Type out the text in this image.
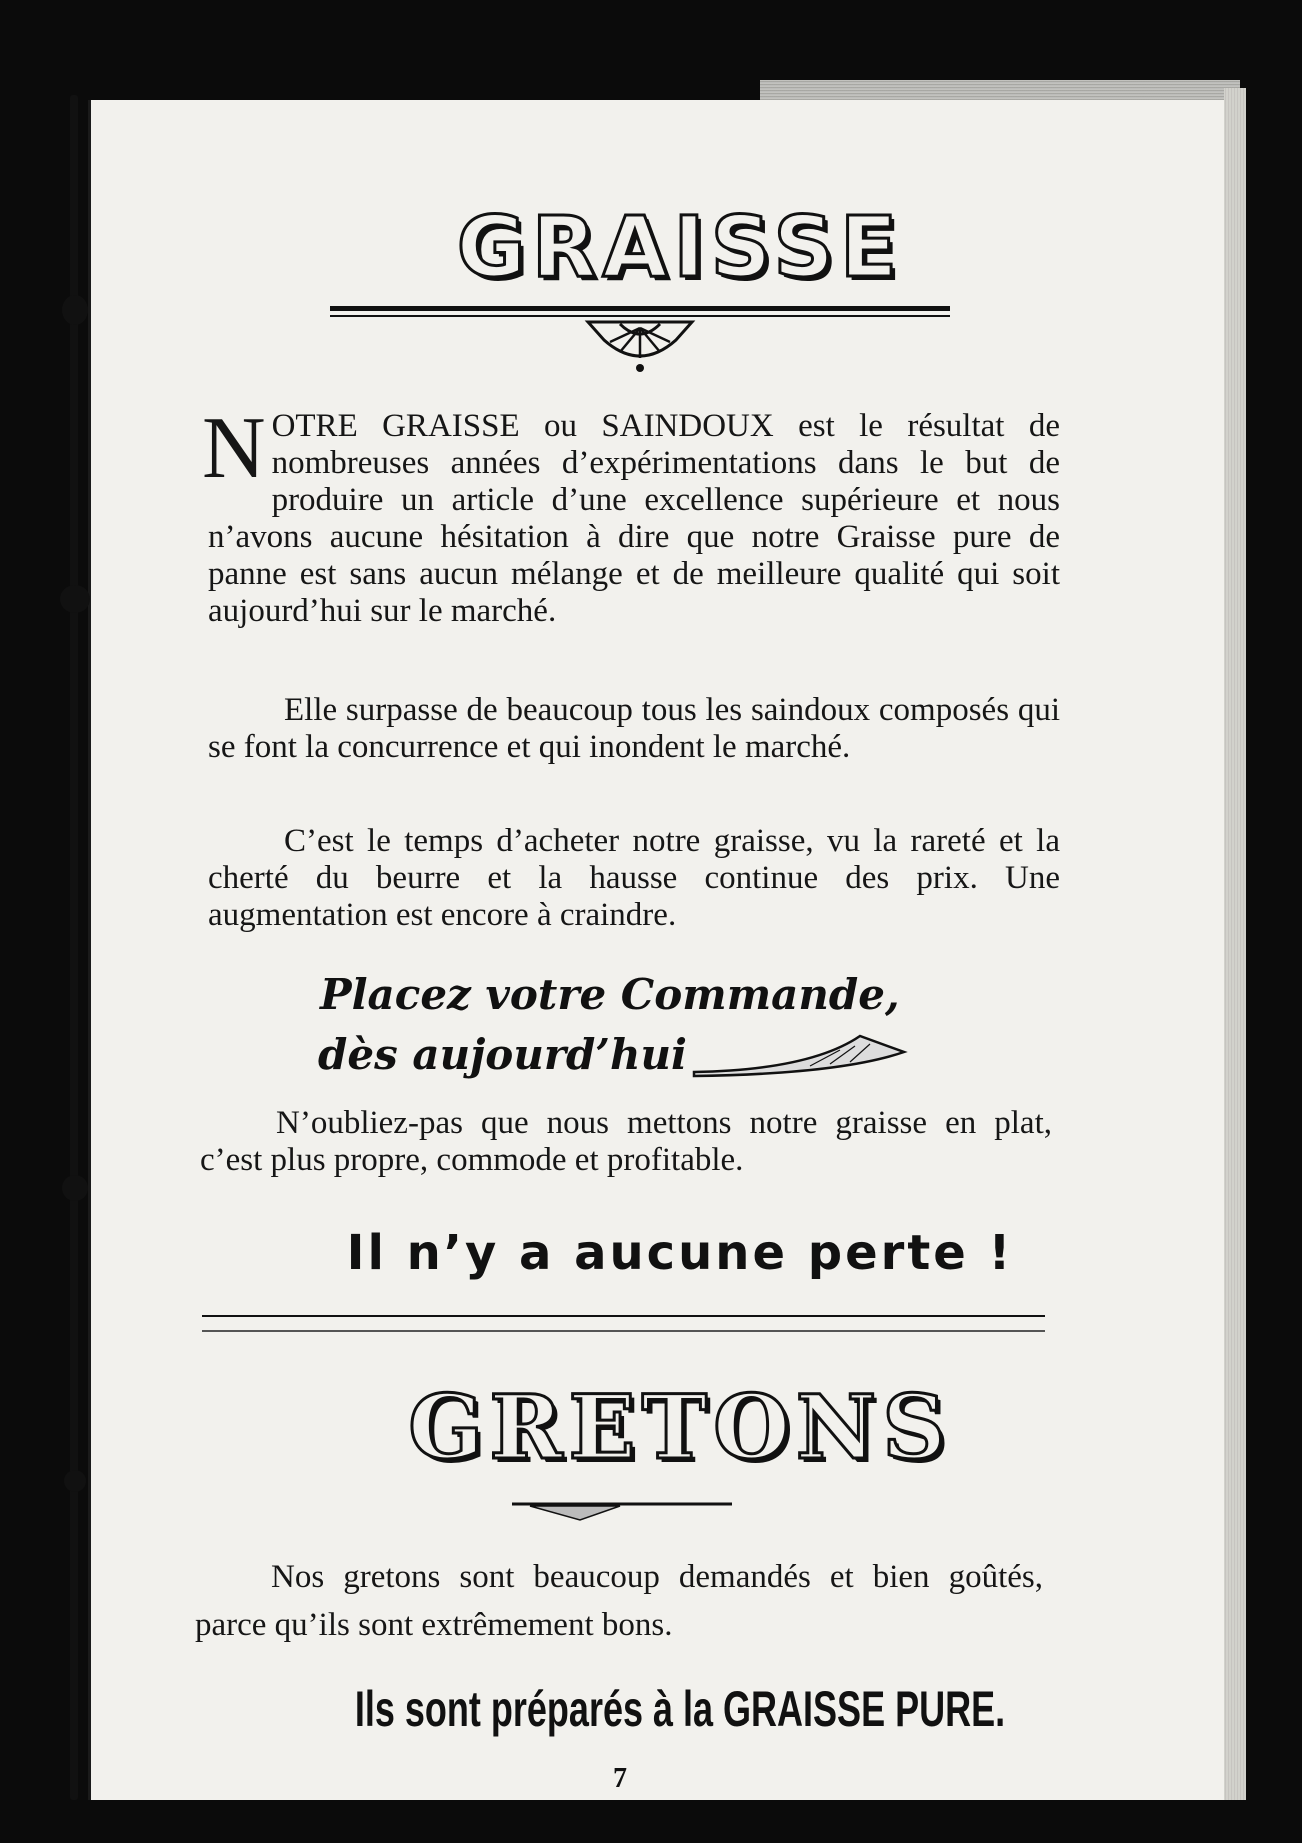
GRAISSE

NOTRE GRAISSE ou SAINDOUX est le résultat de nombreuses années d’expérimentations dans le but de produire un article d’une excellence supérieure et nous n’avons aucune hésitation à dire que notre Graisse pure de panne est sans aucun mélange et de meilleure qualité qui soit aujourd’hui sur le marché.

Elle surpasse de beaucoup tous les saindoux composés qui se font la concurrence et qui inondent le marché.

C’est le temps d’acheter notre graisse, vu la rareté et la cherté du beurre et la hausse continue des prix. Une augmentation est encore à craindre.

Placez votre Commande,

dès aujourd’hui

N’oubliez-pas que nous mettons notre graisse en plat, c’est plus propre, commode et profitable.

Il n’y a aucune perte !

GRETONS

Nos gretons sont beaucoup demandés et bien goûtés, parce qu’ils sont extrêmement bons.

Ils sont préparés à la GRAISSE PURE.

7
